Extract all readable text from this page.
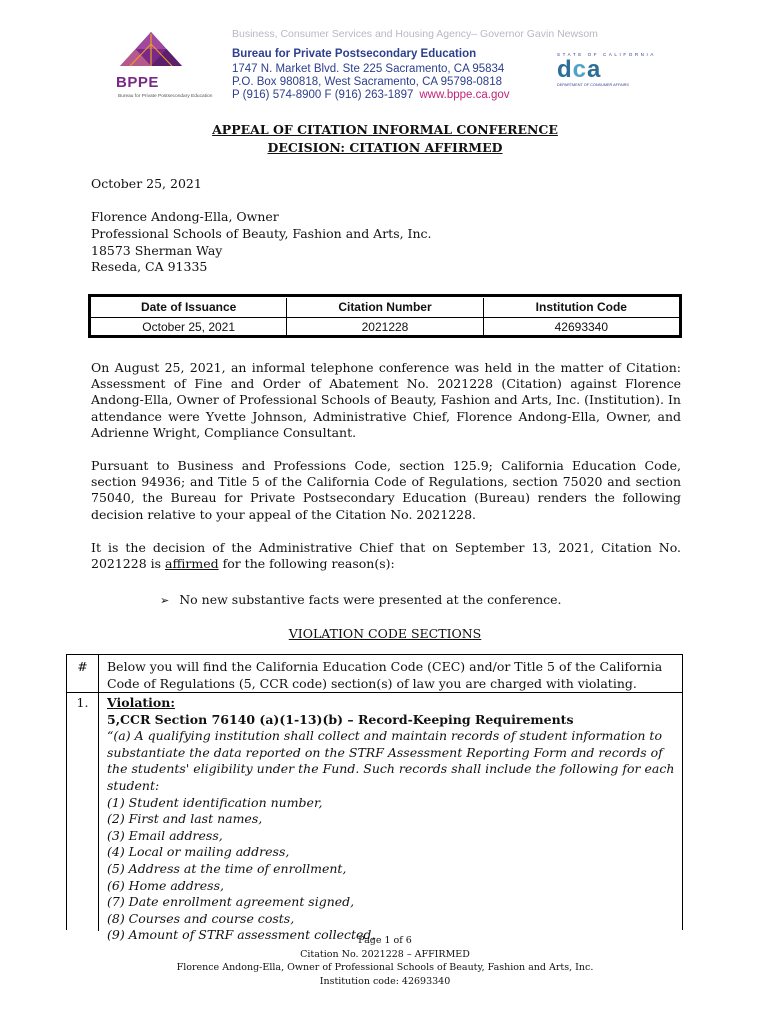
Business, Consumer Services and Housing Agency– Governor Gavin Newsom
BPPE
Bureau for Private Postsecondary Education
Bureau for Private Postsecondary Education
1747 N. Market Blvd. Ste 225 Sacramento, CA 95834
P.O. Box 980818, West Sacramento, CA 95798-0818
P (916) 574-8900 F (916) 263-1897 www.bppe.ca.gov
STATE OF CALIFORNIA
dca
DEPARTMENT OF CONSUMER AFFAIRS
APPEAL OF CITATION INFORMAL CONFERENCE
DECISION: CITATION AFFIRMED
October 25, 2021
Florence Andong-Ella, Owner
Professional Schools of Beauty, Fashion and Arts, Inc.
18573 Sherman Way
Reseda, CA 91335
Date of Issuance	Citation Number	Institution Code
October 25, 2021	2021228	42693340
On August 25, 2021, an informal telephone conference was held in the matter of Citation: Assessment of Fine and Order of Abatement No. 2021228 (Citation) against Florence Andong-Ella, Owner of Professional Schools of Beauty, Fashion and Arts, Inc. (Institution). In attendance were Yvette Johnson, Administrative Chief, Florence Andong-Ella, Owner, and Adrienne Wright, Compliance Consultant.
Pursuant to Business and Professions Code, section 125.9; California Education Code, section 94936; and Title 5 of the California Code of Regulations, section 75020 and section 75040, the Bureau for Private Postsecondary Education (Bureau) renders the following decision relative to your appeal of the Citation No. 2021228.
It is the decision of the Administrative Chief that on September 13, 2021, Citation No. 2021228 is affirmed for the following reason(s):
➢ No new substantive facts were presented at the conference.
VIOLATION CODE SECTIONS
#	Below you will find the California Education Code (CEC) and/or Title 5 of the California Code of Regulations (5, CCR code) section(s) of law you are charged with violating.
1.	Violation:
5,CCR Section 76140 (a)(1-13)(b) – Record-Keeping Requirements
“(a) A qualifying institution shall collect and maintain records of student information to substantiate the data reported on the STRF Assessment Reporting Form and records of the students' eligibility under the Fund. Such records shall include the following for each student:
(1) Student identification number,
(2) First and last names,
(3) Email address,
(4) Local or mailing address,
(5) Address at the time of enrollment,
(6) Home address,
(7) Date enrollment agreement signed,
(8) Courses and course costs,
(9) Amount of STRF assessment collected,
Page 1 of 6
Citation No. 2021228 – AFFIRMED
Florence Andong-Ella, Owner of Professional Schools of Beauty, Fashion and Arts, Inc.
Institution code: 42693340
